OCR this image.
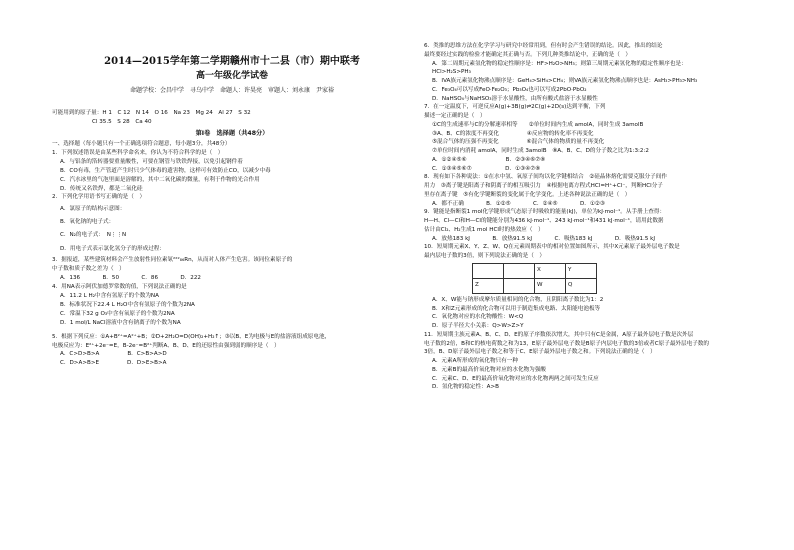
2014—2015学年第二学期赣州市十二县（市）期中联考
高一年级化学试卷
命题学校：会昌中学　寻乌中学　命题人：许昊亮　审题人：刘永康　尹家裕
可能用到的原子量：H 1　C 12　N 14　O 16　Na 23　Mg 24　Al 27　S 32
Cl 35.5　S 28　Ca 40
第Ⅰ卷　选择题（共48分）
一、选择题（每小题只有一个正确选项符合题意，每小题3分，共48分）
1．下列叙述错误是由某些科学命名来，你认为不符合科学的是（　）
A．与铝条的箔转器要重量酸性，可要在钢管与铁铁焊接，以免引起钢件着
B．CO有毒，生产管道产生时只少气体毒的遗害物，这样可有效防止CO，以减少中毒
C．汽水冰里的气泡里面是溶解的，其中二氧化碳的微量，有利于作物的光合作用
D．传统又名铁焊，都是二氧化硅
2．下列化学用语书写正确的是（　）
A．氯原子的结构示意图：
B．氧化钠的电子式：
C．N₂的电子式：　N⋮⋮N
D．用电子式表示氯化氢分子的形成过程：
3．据报道，某些建筑材料会产生放射性同位素氡²²²₈₆Rn，从而对人体产生危害。该同位素原子的
中子数和质子数之差为（　）
A．136　　　　B．50　　　　C．86　　　　D．222
4．用NA表示阿伏加德罗常数的值，下列说法正确的是
A．11.2 L H₂中含有氢原子的个数为NA
B．标准状况下22.4 L H₂O中含有氢原子的个数为2NA
C．常温下32 g O₃中含有氧原子的个数为2NA
D．1 mol/L NaCl溶液中含有钠离子的个数为NA
5．根据下列反应：①A+B²⁺=A²⁺+B；②D+2H₂O=D(OH)₂+H₂↑；③以B、E为电极与E的盐溶液组成原电池，
电极反应为：E²⁺+2e⁻=E，B-2e⁻=B²⁺判断A、B、D、E的还原性由强到弱的顺序是（　）
A．C>D>B>A　　　　　B．C>B>A>D
C．D>A>B>E　　　　　D．D>E>B>A
6．类推的思维方法在化学学习与研究中经常用到，但有时会产生错误的结论。因此，推出的结论
最终要经过实践的检验才能确定其正确与否。下列几种类推结论中，正确的是（　）
A．第二周期元素氢化物的稳定性顺序是：HF>H₂O>NH₃；则第三周期元素氢化物的稳定性顺序也是：
HCl>H₂S>PH₃
B．IVA族元素氢化物沸点顺序是：GeH₄>SiH₄>CH₄；则VA族元素氢化物沸点顺序也是：AsH₃>PH₃>NH₃
C．Fe₃O₄可以写成FeO·Fe₂O₃；Pb₃O₄也可以写成2PbO·PbO₂
D．NaHSO₄与NaHSO₃溶于水显酸性，由所有酸式盐溶于水显酸性
7．在一定温度下，可逆反应A(g)+3B(g)⇌2C(g)+2D(s)达到平衡，下列
描述一定正确的是（　）
①C的生成速率与C的分解速率相等　　②单位时间内生成 amolA，同时生成 3amolB
③A、B、C的浓度不再变化　　　　　④反应物的转化率不再变化
⑤混合气体的压强不再变化　　　　　⑥混合气体的物质的量不再变化
⑦单位时间内消耗 amolA，同时生成 3amolB　⑧A、B、C、D的分子数之比为1:3:2:2
A．①②④⑤⑥　　　　　　　B．②③④⑥⑦⑧
C．①③④⑤⑥⑦　　　　　　D．①③④⑦⑧
8．现有如下各种说法：①在水中氢、氧原子间均以化学键相结合　②硅晶体熔化需要克服分子间作
用力　③离子键是阳离子和阴离子的相互吸引力　④根据电离方程式HCl=H⁺+Cl⁻，判断HCl分子
里存在离子键　⑤有化学键断裂的变化属于化学变化。上述各种说法正确的是（　）
A．都不正确　　　　B．①②⑤　　　　C．②④⑤　　　　D．①②③
9．键能是指断裂1 mol化学键形成气态原子时吸收的能量(kJ)，单位为kJ·mol⁻¹。从手册上查得：
H—H、Cl—Cl和H—Cl的键能分别为436 kJ·mol⁻¹、243 kJ·mol⁻¹和431 kJ·mol⁻¹，请用此数据
估计由Cl₂、H₂生成1 mol HCl时的热效应（　）
A．放热183 kJ　　　　B．放热91.5 kJ　　　　C．吸热183 kJ　　　　D．吸热91.5 kJ
10．短周期元素X、Y、Z、W、Q在元素周期表中的相对位置如图所示，其中X元素原子最外层电子数是
最内层电子数的3倍，则下列说法正确的是（　）
		X	Y
Z		W	Q
A．X、W能与钠形成摩尔质量相同的化合物，且阴阳离子数比为1：2
B．X和Z元素形成的化合物可以用于制造集成电路、太阳能电池板等
C．氧化物对应的水化物酸性：W<Q
D．原子半径大小关系：Q>W>Z>Y
11．短周期主族元素A、B、C、D、E的原子序数依次增大，其中只有C是金属，A原子最外层电子数是次外层
电子数的2倍，B和C的核电荷数之和为13，E原子最外层电子数是B原子内层电子数的3倍或者C原子最外层电子数的
3倍，B、D原子最外层电子数之和等于C、E原子最外层电子数之和。下列说法正确的是（　）
A．元素A所形成的氧化物只有一种
B．元素B的最高价氧化物对应的水化物为强酸
C．元素C、D、E的最高价氧化物对应的水化物两两之间可发生反应
D．氢化物的稳定性：A>B
